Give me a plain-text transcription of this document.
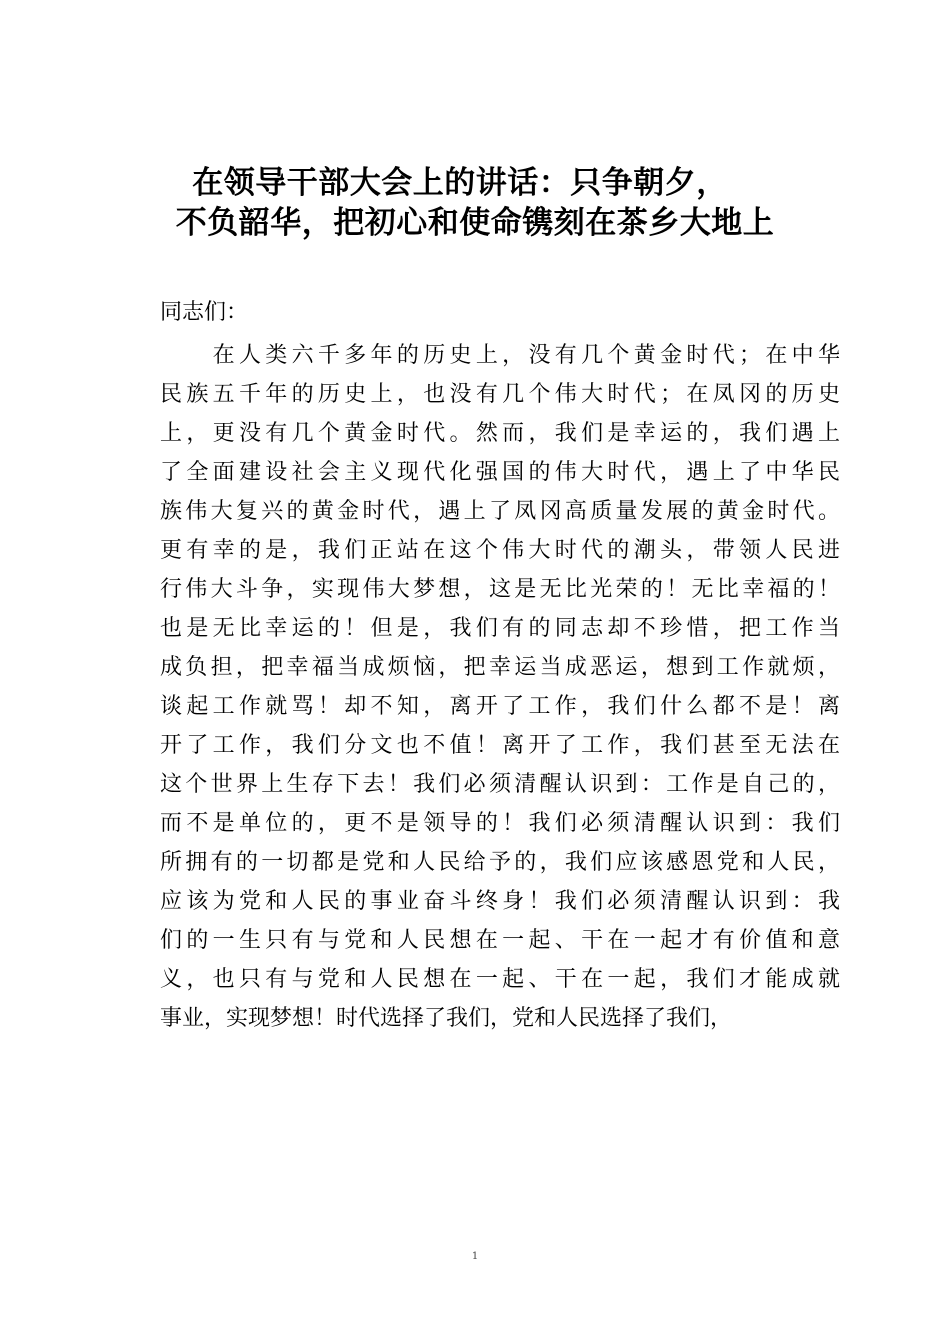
在领导干部大会上的讲话：只争朝夕，
不负韶华，把初心和使命镌刻在茶乡大地上
同志们：
　　在人类六千多年的历史上，没有几个黄金时代；在中华
民族五千年的历史上，也没有几个伟大时代；在凤冈的历史
上，更没有几个黄金时代。然而，我们是幸运的，我们遇上
了全面建设社会主义现代化强国的伟大时代，遇上了中华民
族伟大复兴的黄金时代，遇上了凤冈高质量发展的黄金时代。
更有幸的是，我们正站在这个伟大时代的潮头，带领人民进
行伟大斗争，实现伟大梦想，这是无比光荣的！无比幸福的！
也是无比幸运的！但是，我们有的同志却不珍惜，把工作当
成负担，把幸福当成烦恼，把幸运当成恶运，想到工作就烦，
谈起工作就骂！却不知，离开了工作，我们什么都不是！离
开了工作，我们分文也不值！离开了工作，我们甚至无法在
这个世界上生存下去！我们必须清醒认识到：工作是自己的，
而不是单位的，更不是领导的！我们必须清醒认识到：我们
所拥有的一切都是党和人民给予的，我们应该感恩党和人民，
应该为党和人民的事业奋斗终身！我们必须清醒认识到：我
们的一生只有与党和人民想在一起、干在一起才有价值和意
义，也只有与党和人民想在一起、干在一起，我们才能成就
事业，实现梦想！时代选择了我们，党和人民选择了我们，
1
